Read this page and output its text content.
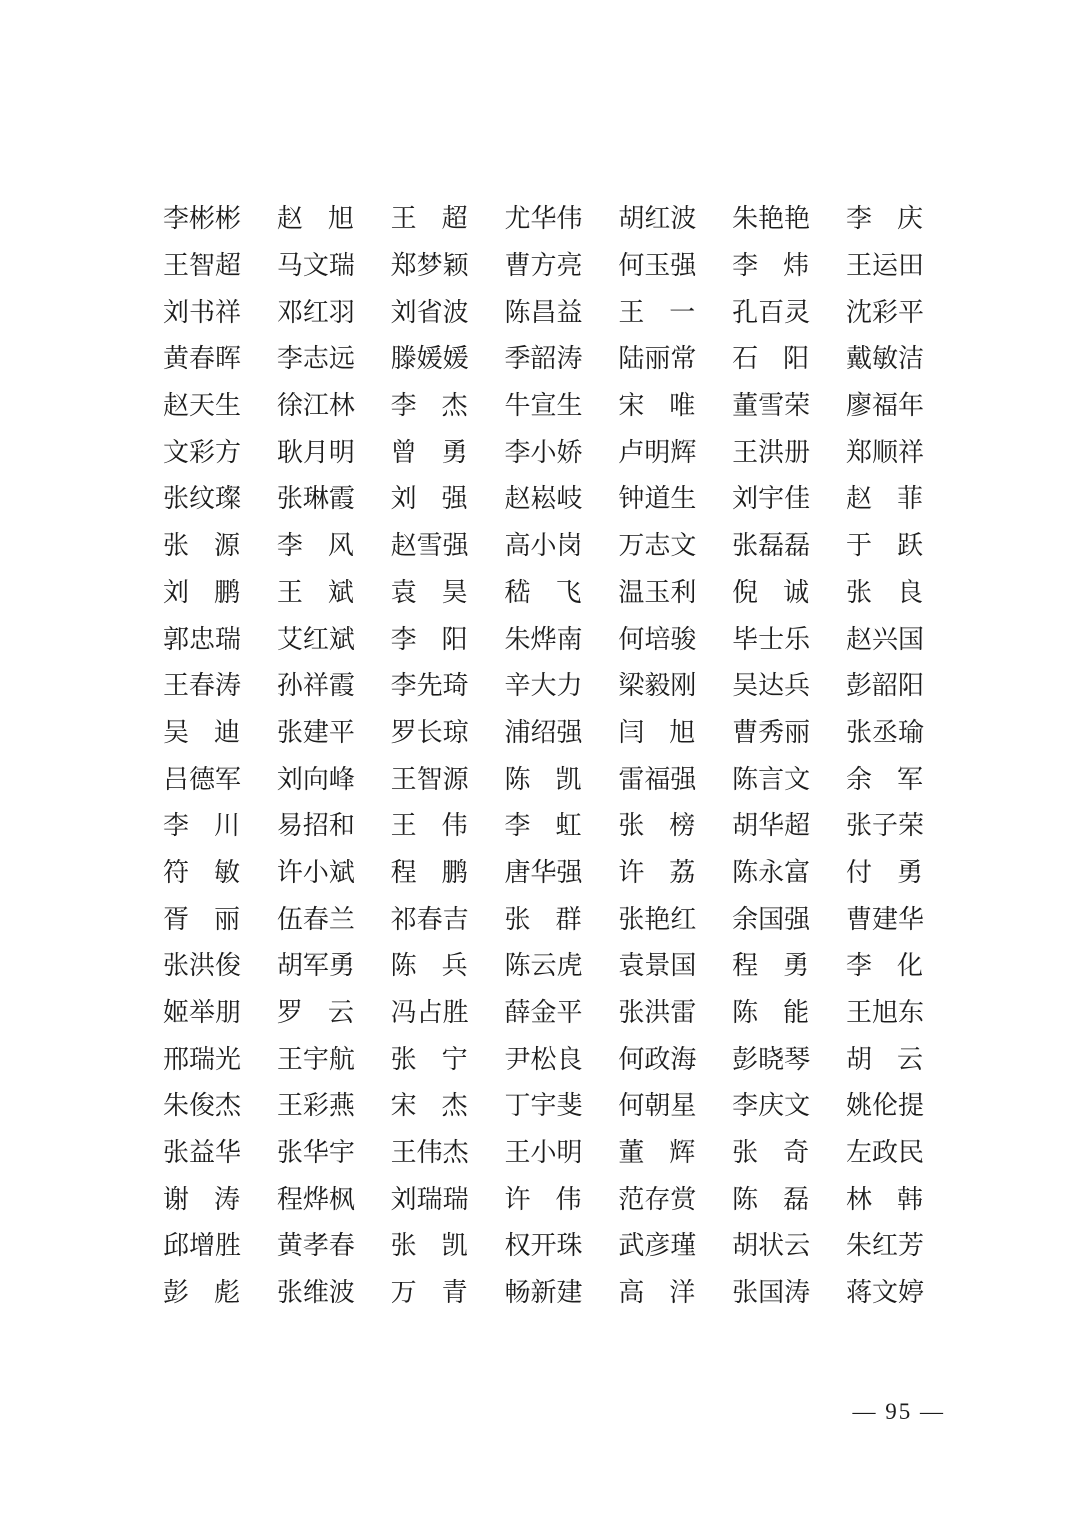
李彬彬 赵旭 王超 尤华伟 胡红波 朱艳艳 李庆
王智超 马文瑞 郑梦颖 曹方亮 何玉强 李炜 王运田
刘书祥 邓红羽 刘省波 陈昌益 王一 孔百灵 沈彩平
黄春晖 李志远 滕媛媛 季韶涛 陆丽常 石阳 戴敏洁
赵天生 徐江林 李杰 牛宣生 宋唯 董雪荣 廖福年
文彩方 耿月明 曾勇 李小娇 卢明辉 王洪册 郑顺祥
张纹璨 张琳霞 刘强 赵崧岐 钟道生 刘宇佳 赵菲
张源 李风 赵雪强 高小岗 万志文 张磊磊 于跃
刘鹏 王斌 袁昊 嵇飞 温玉利 倪诚 张良
郭忠瑞 艾红斌 李阳 朱烨南 何培骏 毕士乐 赵兴国
王春涛 孙祥霞 李先琦 辛大力 梁毅刚 吴达兵 彭韶阳
吴迪 张建平 罗长琼 浦绍强 闫旭 曹秀丽 张丞瑜
吕德军 刘向峰 王智源 陈凯 雷福强 陈言文 余军
李川 易招和 王伟 李虹 张榜 胡华超 张子荣
符敏 许小斌 程鹏 唐华强 许荔 陈永富 付勇
胥丽 伍春兰 祁春吉 张群 张艳红 余国强 曹建华
张洪俊 胡军勇 陈兵 陈云虎 袁景国 程勇 李化
姬举朋 罗云 冯占胜 薛金平 张洪雷 陈能 王旭东
邢瑞光 王宇航 张宁 尹松良 何政海 彭晓琴 胡云
朱俊杰 王彩燕 宋杰 丁宇斐 何朝星 李庆文 姚伦提
张益华 张华宇 王伟杰 王小明 董辉 张奇 左政民
谢涛 程烨枫 刘瑞瑞 许伟 范存赏 陈磊 林韩
邱增胜 黄孝春 张凯 权开珠 武彦瑾 胡状云 朱红芳
彭彪 张维波 万青 畅新建 高洋 张国涛 蒋文婷
— 95 —
